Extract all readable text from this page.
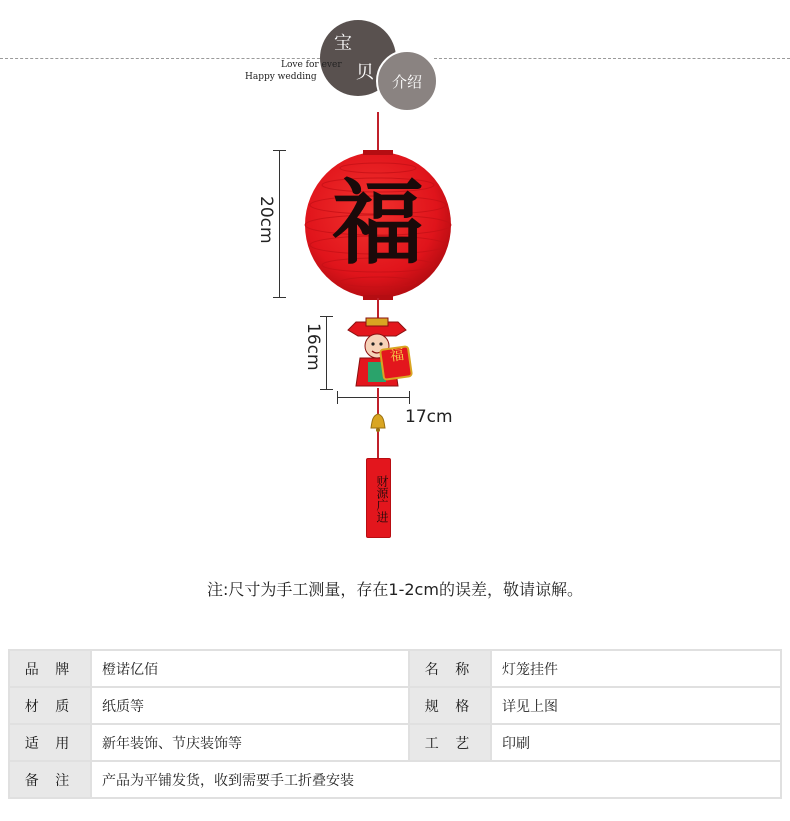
宝
贝 介绍
Love for ever
Happy wedding
福
20cm
福
16cm
17cm
财源广进
注:尺寸为手工测量，存在1-2cm的误差，敬请谅解。
品 牌	橙诺亿佰	名 称	灯笼挂件
材 质	纸质等	规 格	详见上图
适 用	新年装饰、节庆装饰等	工 艺	印刷
备 注	产品为平铺发货，收到需要手工折叠安装		
